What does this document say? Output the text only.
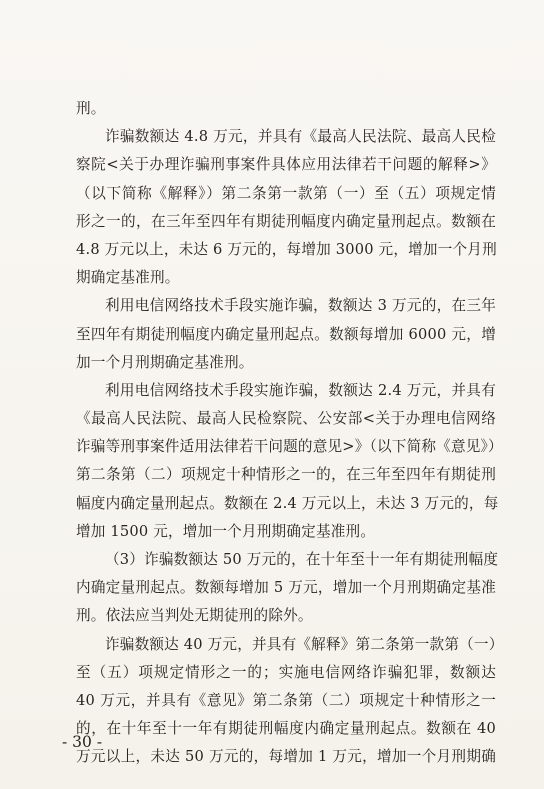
刑。
诈骗数额达 4.8 万元，并具有《最高人民法院、最高人民检
察院<关于办理诈骗刑事案件具体应用法律若干问题的解释>》
（以下简称《解释》）第二条第一款第（一）至（五）项规定情
形之一的，在三年至四年有期徒刑幅度内确定量刑起点。数额在
4.8 万元以上，未达 6 万元的，每增加 3000 元，增加一个月刑
期确定基准刑。
利用电信网络技术手段实施诈骗，数额达 3 万元的，在三年
至四年有期徒刑幅度内确定量刑起点。数额每增加 6000 元，增
加一个月刑期确定基准刑。
利用电信网络技术手段实施诈骗，数额达 2.4 万元，并具有
《最高人民法院、最高人民检察院、公安部<关于办理电信网络
诈骗等刑事案件适用法律若干问题的意见>》（以下简称《意见》）
第二条第（二）项规定十种情形之一的，在三年至四年有期徒刑
幅度内确定量刑起点。数额在 2.4 万元以上，未达 3 万元的，每
增加 1500 元，增加一个月刑期确定基准刑。
（3）诈骗数额达 50 万元的，在十年至十一年有期徒刑幅度
内确定量刑起点。数额每增加 5 万元，增加一个月刑期确定基准
刑。依法应当判处无期徒刑的除外。
诈骗数额达 40 万元，并具有《解释》第二条第一款第（一）
至（五）项规定情形之一的；实施电信网络诈骗犯罪，数额达
40 万元，并具有《意见》第二条第（二）项规定十种情形之一
的，在十年至十一年有期徒刑幅度内确定量刑起点。数额在 40
万元以上，未达 50 万元的，每增加 1 万元，增加一个月刑期确
- 30 -
